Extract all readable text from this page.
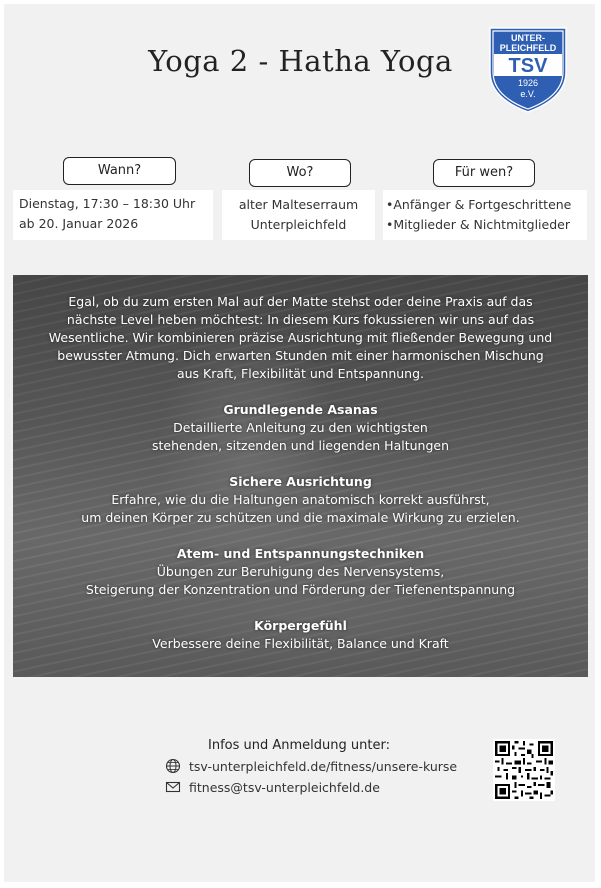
Yoga 2 - Hatha Yoga
UNTER-
PLEICHFELD
TSV
1926
e.V.
Wann?	Wo?	Für wen?
Dienstag, 17:30 – 18:30 Uhr
ab 20. Januar 2026
alter Malteserraum
Unterpleichfeld
•Anfänger & Fortgeschrittene
•Mitglieder & Nichtmitglieder
Egal, ob du zum ersten Mal auf der Matte stehst oder deine Praxis auf das nächste Level heben möchtest: In diesem Kurs fokussieren wir uns auf das Wesentliche. Wir kombinieren präzise Ausrichtung mit fließender Bewegung und bewusster Atmung. Dich erwarten Stunden mit einer harmonischen Mischung aus Kraft, Flexibilität und Entspannung.
Grundlegende Asanas
Detaillierte Anleitung zu den wichtigsten
stehenden, sitzenden und liegenden Haltungen
Sichere Ausrichtung
Erfahre, wie du die Haltungen anatomisch korrekt ausführst,
um deinen Körper zu schützen und die maximale Wirkung zu erzielen.
Atem- und Entspannungstechniken
Übungen zur Beruhigung des Nervensystems,
Steigerung der Konzentration und Förderung der Tiefenentspannung
Körpergefühl
Verbessere deine Flexibilität, Balance und Kraft
Infos und Anmeldung unter:
tsv-unterpleichfeld.de/fitness/unsere-kurse
fitness@tsv-unterpleichfeld.de
